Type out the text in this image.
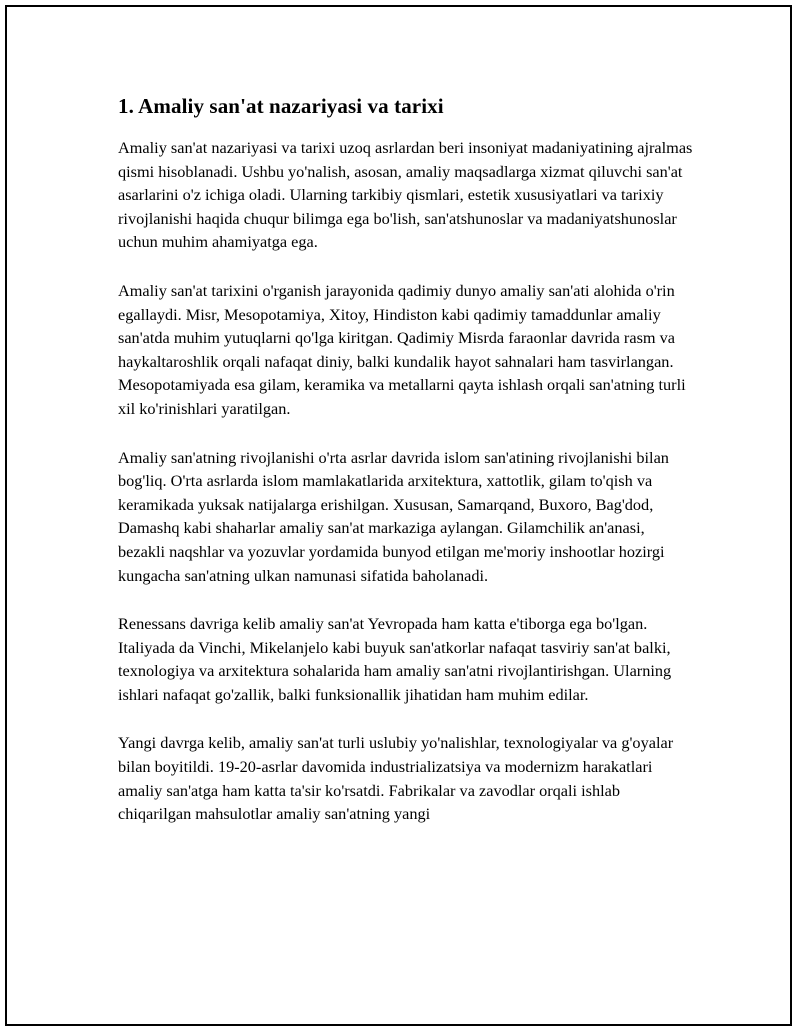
1. Amaliy san'at nazariyasi va tarixi

Amaliy san'at nazariyasi va tarixi uzoq asrlardan beri insoniyat madaniyatining ajralmas qismi hisoblanadi. Ushbu yo'nalish, asosan, amaliy maqsadlarga xizmat qiluvchi san'at asarlarini o'z ichiga oladi. Ularning tarkibiy qismlari, estetik xususiyatlari va tarixiy rivojlanishi haqida chuqur bilimga ega bo'lish, san'atshunoslar va madaniyatshunoslar uchun muhim ahamiyatga ega.

Amaliy san'at tarixini o'rganish jarayonida qadimiy dunyo amaliy san'ati alohida o'rin egallaydi. Misr, Mesopotamiya, Xitoy, Hindiston kabi qadimiy tamaddunlar amaliy san'atda muhim yutuqlarni qo'lga kiritgan. Qadimiy Misrda faraonlar davrida rasm va haykaltaroshlik orqali nafaqat diniy, balki kundalik hayot sahnalari ham tasvirlangan. Mesopotamiyada esa gilam, keramika va metallarni qayta ishlash orqali san'atning turli xil ko'rinishlari yaratilgan.

Amaliy san'atning rivojlanishi o'rta asrlar davrida islom san'atining rivojlanishi bilan bog'liq. O'rta asrlarda islom mamlakatlarida arxitektura, xattotlik, gilam to'qish va keramikada yuksak natijalarga erishilgan. Xususan, Samarqand, Buxoro, Bag'dod, Damashq kabi shaharlar amaliy san'at markaziga aylangan. Gilamchilik an'anasi, bezakli naqshlar va yozuvlar yordamida bunyod etilgan me'moriy inshootlar hozirgi kungacha san'atning ulkan namunasi sifatida baholanadi.

Renessans davriga kelib amaliy san'at Yevropada ham katta e'tiborga ega bo'lgan. Italiyada da Vinchi, Mikelanjelo kabi buyuk san'atkorlar nafaqat tasviriy san'at balki, texnologiya va arxitektura sohalarida ham amaliy san'atni rivojlantirishgan. Ularning ishlari nafaqat go'zallik, balki funksionallik jihatidan ham muhim edilar.

Yangi davrga kelib, amaliy san'at turli uslubiy yo'nalishlar, texnologiyalar va g'oyalar bilan boyitildi. 19-20-asrlar davomida industrializatsiya va modernizm harakatlari amaliy san'atga ham katta ta'sir ko'rsatdi. Fabrikalar va zavodlar orqali ishlab chiqarilgan mahsulotlar amaliy san'atning yangi
